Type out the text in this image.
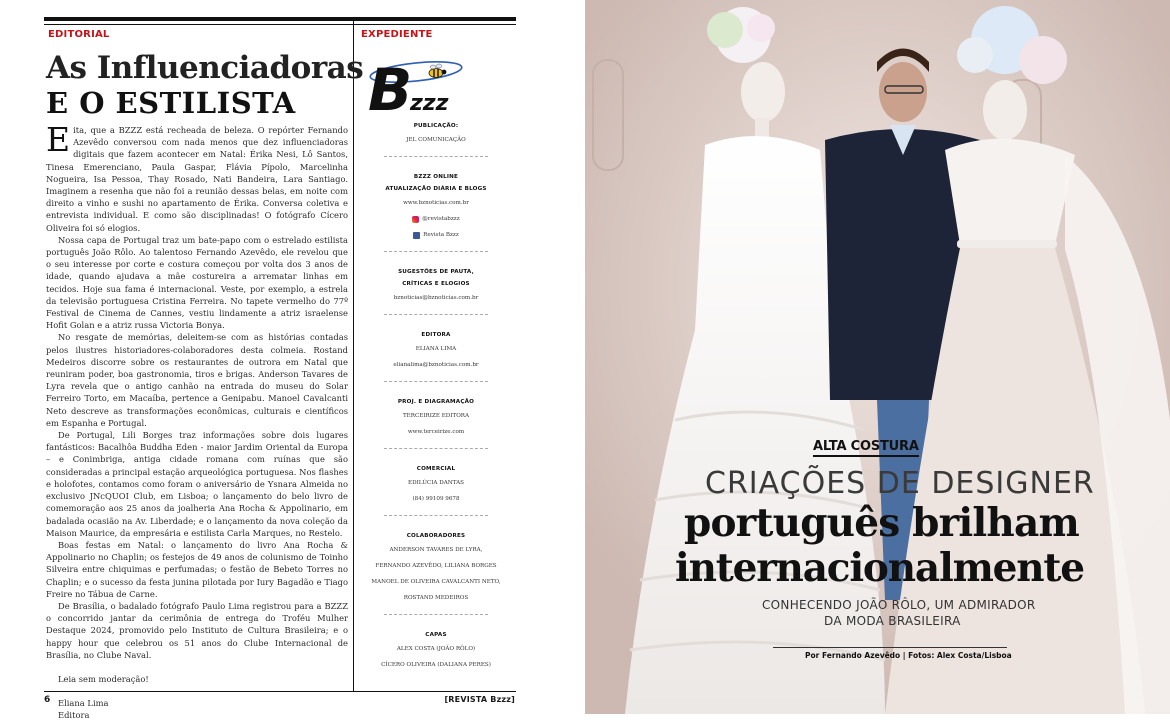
EDITORIAL	EXPEDIENTE
As Influenciadoras
E O ESTILISTA

Eita, que a BZZZ está recheada de beleza. O repórter Fernando Azevêdo conversou com nada menos que dez influenciadoras digitais que fazem acontecer em Natal: Érika Nesi, Lô Santos, Tinesa Emerenciano, Paula Gaspar, Flávia Pípolo, Marcelinha Nogueira, Isa Pessoa, Thay Rosado, Nati Bandeira, Lara Santiago. Imaginem a resenha que não foi a reunião dessas belas, em noite com direito a vinho e sushi no apartamento de Érika. Conversa coletiva e entrevista individual. E como são disciplinadas! O fotógrafo Cícero Oliveira foi só elogios.

Nossa capa de Portugal traz um bate-papo com o estrelado estilista português João Rôlo. Ao talentoso Fernando Azevêdo, ele revelou que o seu interesse por corte e costura começou por volta dos 3 anos de idade, quando ajudava a mãe costureira a arrematar linhas em tecidos. Hoje sua fama é internacional. Veste, por exemplo, a estrela da televisão portuguesa Cristina Ferreira. No tapete vermelho do 77º Festival de Cinema de Cannes, vestiu lindamente a atriz israelense Hofit Golan e a atriz russa Victoria Bonya.

No resgate de memórias, deleitem-se com as histórias contadas pelos ilustres historiadores-colaboradores desta colmeia. Rostand Medeiros discorre sobre os restaurantes de outrora em Natal que reuniram poder, boa gastronomia, tiros e brigas. Anderson Tavares de Lyra revela que o antigo canhão na entrada do museu do Solar Ferreiro Torto, em Macaíba, pertence a Genipabu. Manoel Cavalcanti Neto descreve as transformações econômicas, culturais e científicos em Espanha e Portugal.

De Portugal, Lili Borges traz informações sobre dois lugares fantásticos: Bacalhôa Buddha Eden - maior Jardim Oriental da Europa – e Conimbriga, antiga cidade romana com ruínas que são consideradas a principal estação arqueológica portuguesa. Nos flashes e holofotes, contamos como foram o aniversário de Ysnara Almeida no exclusivo JNcQUOI Club, em Lisboa; o lançamento do belo livro de comemoração aos 25 anos da joalheria Ana Rocha & Appolinario, em badalada ocasião na Av. Liberdade; e o lançamento da nova coleção da Maison Maurice, da empresária e estilista Carla Marques, no Restelo.

Boas festas em Natal: o lançamento do livro Ana Rocha & Appolinario no Chaplin; os festejos de 49 anos de colunismo de Toinho Silveira entre chiquimas e perfumadas; o festão de Bebeto Torres no Chaplin; e o sucesso da festa junina pilotada por Iury Bagadão e Tiago Freire no Tábua de Carne.

De Brasília, o badalado fotógrafo Paulo Lima registrou para a BZZZ o concorrido jantar da cerimônia de entrega do Troféu Mulher Destaque 2024, promovido pelo Instituto de Cultura Brasileira; e o happy hour que celebrou os 51 anos do Clube Internacional de Brasília, no Clube Naval.

Leia sem moderação!

Eliana Lima

Editora

B
zzz
PUBLICAÇÃO:
JEL COMUNICAÇÃO
BZZZ ONLINE
ATUALIZAÇÃO DIÁRIA E BLOGS
www.bznoticias.com.br
@revistabzzz
Revista Bzzz
SUGESTÕES DE PAUTA,
CRÍTICAS E ELOGIOS
bznoticias@bznoticias.com.br
EDITORA
ELIANA LIMA
elianalima@bznoticias.com.br
PROJ. E DIAGRAMAÇÃO
TERCEIRIZE EDITORA
www.terceirize.com
COMERCIAL
EDILÚCIA DANTAS
(84) 99109 9678
COLABORADORES
ANDERSON TAVARES DE LYRA,
FERNANDO AZEVÊDO, LILIANA BORGES
MANOEL DE OLIVEIRA CAVALCANTI NETO,
ROSTAND MEDEIROS
CAPAS
ALEX COSTA (JOÃO RÔLO)
CÍCERO OLIVEIRA (DALIANA PERES)
6	[REVISTA Bzzz]
ALTA COSTURA
CRIAÇÕES DE DESIGNER
português brilham
internacionalmente
CONHECENDO JOÃO RÔLO, UM ADMIRADOR
DA MODA BRASILEIRA
Por Fernando Azevêdo | Fotos: Alex Costa/Lisboa
